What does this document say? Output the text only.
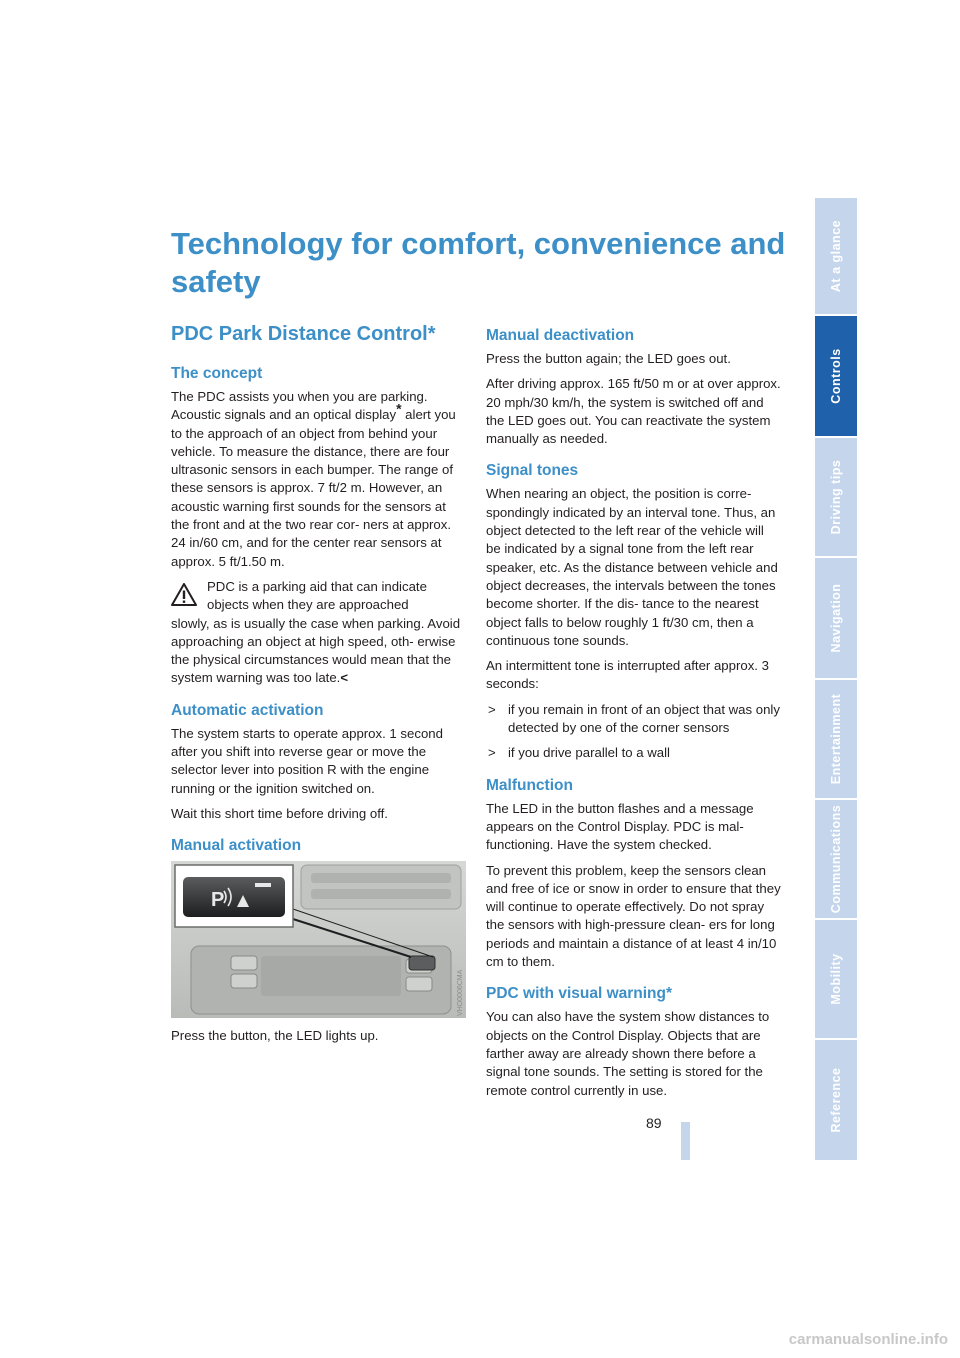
Technology for comfort, convenience and safety
PDC Park Distance Control*
The concept

The PDC assists you when you are parking. Acoustic signals and an optical display* alert you to the approach of an object from behind your vehicle. To measure the distance, there are four ultrasonic sensors in each bumper. The range of these sensors is approx. 7 ft/2 m. However, an acoustic warning first sounds for the sensors at the front and at the two rear cor- ners at approx. 24 in/60 cm, and for the center rear sensors at approx. 5 ft/1.50 m.

PDC is a parking aid that can indicate objects when they are approached

slowly, as is usually the case when parking. Avoid approaching an object at high speed, oth- erwise the physical circumstances would mean that the system warning was too late.<

Automatic activation

The system starts to operate approx. 1 second after you shift into reverse gear or move the selector lever into position R with the engine running or the ignition switched on.

Wait this short time before driving off.

Manual activation
P
VHO0006CMA

Press the button, the LED lights up.

Manual deactivation

Press the button again; the LED goes out.

After driving approx. 165 ft/50 m or at over approx. 20 mph/30 km/h, the system is switched off and the LED goes out. You can reactivate the system manually as needed.

Signal tones

When nearing an object, the position is corre- spondingly indicated by an interval tone. Thus, an object detected to the left rear of the vehicle will be indicated by a signal tone from the left rear speaker, etc. As the distance between vehicle and object decreases, the intervals between the tones become shorter. If the dis- tance to the nearest object falls to below roughly 1 ft/30 cm, then a continuous tone sounds.

An intermittent tone is interrupted after approx. 3 seconds:

> if you remain in front of an object that was only detected by one of the corner sensors
> if you drive parallel to a wall
Malfunction

The LED in the button flashes and a message appears on the Control Display. PDC is mal- functioning. Have the system checked.

To prevent this problem, keep the sensors clean and free of ice or snow in order to ensure that they will continue to operate effectively. Do not spray the sensors with high-pressure clean- ers for long periods and maintain a distance of at least 4 in/10 cm to them.

PDC with visual warning*

You can also have the system show distances to objects on the Control Display. Objects that are farther away are already shown there before a signal tone sounds. The setting is stored for the remote control currently in use.

At a glance
Controls
Driving tips
Navigation
Entertainment
Communications
Mobility
Reference
89
carmanualsonline.info
